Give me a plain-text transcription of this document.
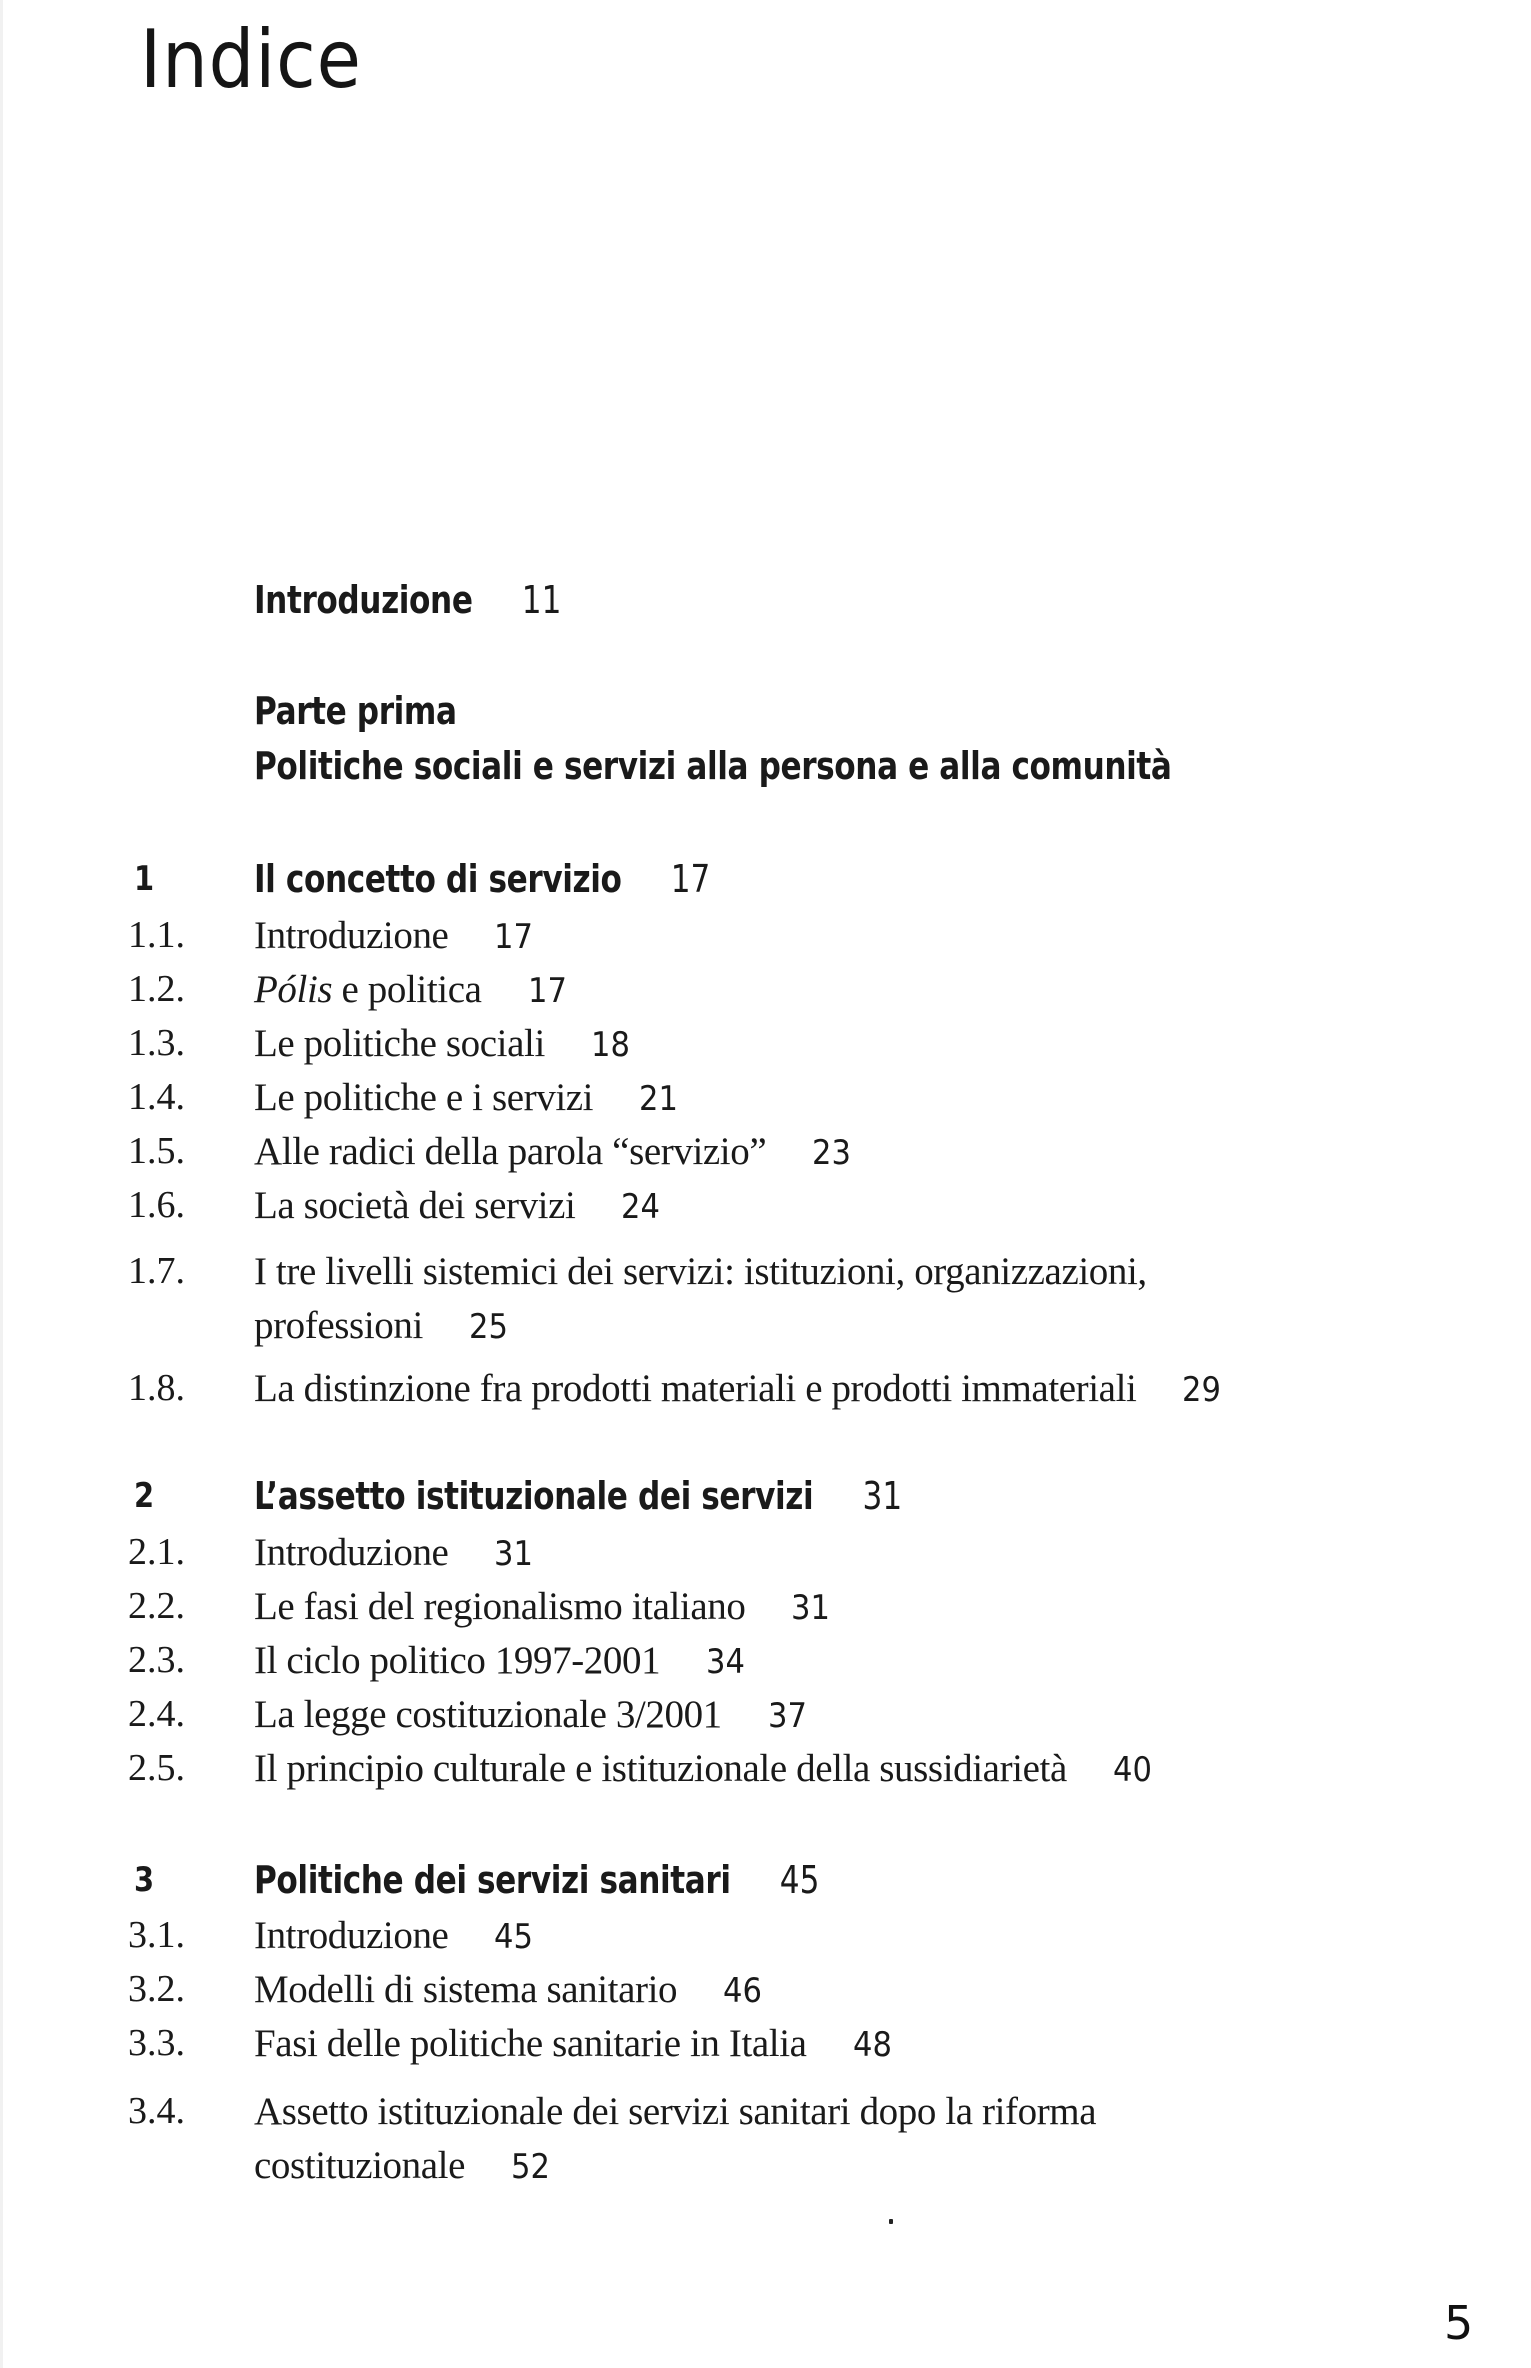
Indice
Introduzione 11
Parte prima
Politiche sociali e servizi alla persona e alla comunità
1	Il concetto di servizio 17
1.1. Introduzione 17
1.2. Pólis e politica 17
1.3. Le politiche sociali 18
1.4. Le politiche e i servizi 21
1.5. Alle radici della parola “servizio” 23
1.6. La società dei servizi 24
1.7. I tre livelli sistemici dei servizi: istituzioni, organizzazioni,
professioni 25
1.8. La distinzione fra prodotti materiali e prodotti immateriali 29
2	L’assetto istituzionale dei servizi 31
2.1. Introduzione 31
2.2. Le fasi del regionalismo italiano 31
2.3. Il ciclo politico 1997-2001 34
2.4. La legge costituzionale 3/2001 37
2.5. Il principio culturale e istituzionale della sussidiarietà 40
3	Politiche dei servizi sanitari 45
3.1. Introduzione 45
3.2. Modelli di sistema sanitario 46
3.3. Fasi delle politiche sanitarie in Italia 48
3.4. Assetto istituzionale dei servizi sanitari dopo la riforma
costituzionale 52
5
